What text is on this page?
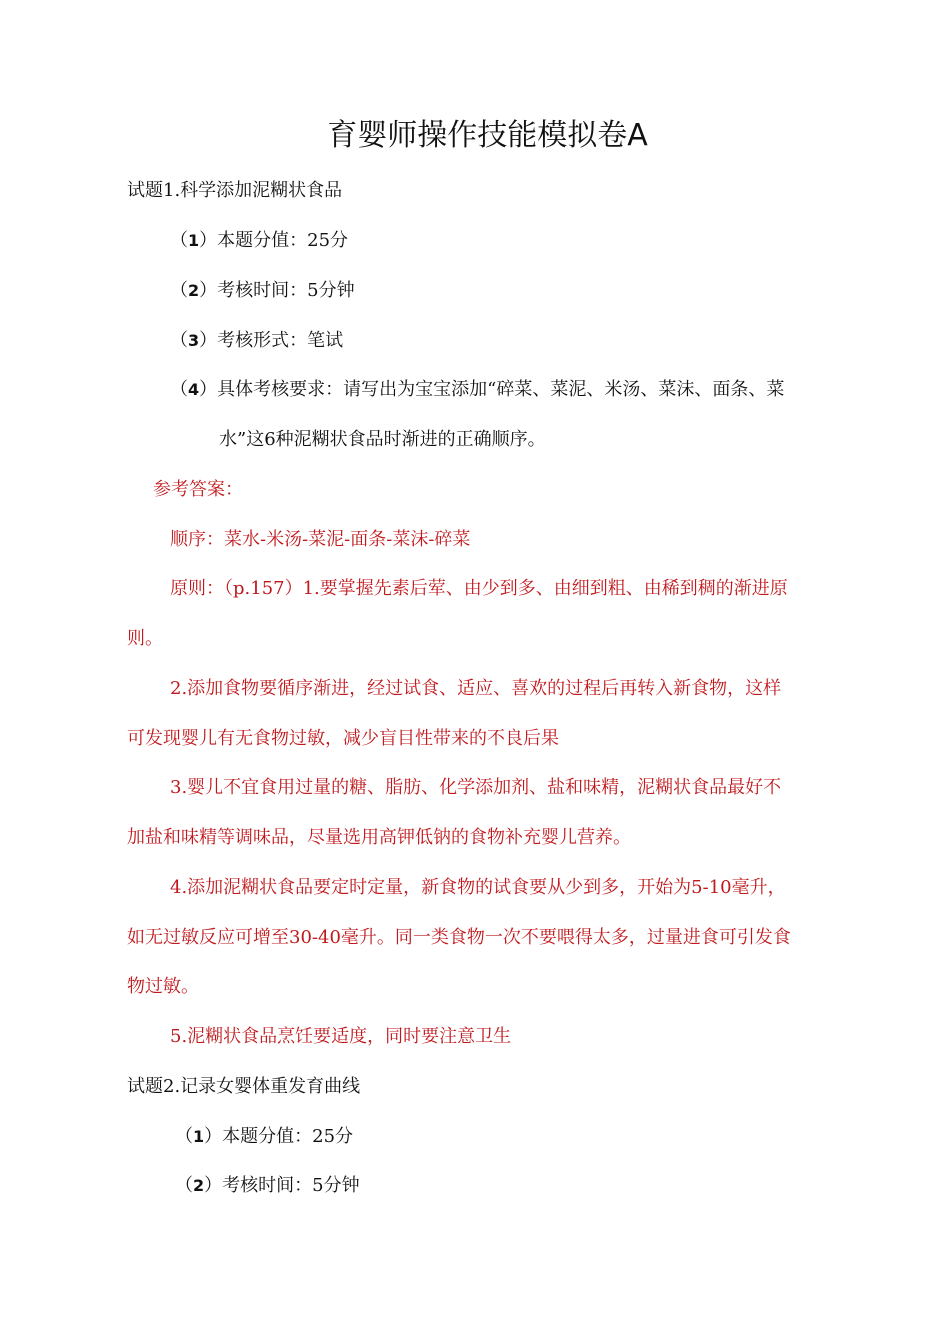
育婴师操作技能模拟卷A
试题1.科学添加泥糊状食品
（1）本题分值：25分
（2）考核时间：5分钟
（3）考核形式：笔试
（4）具体考核要求：请写出为宝宝添加“碎菜、菜泥、米汤、菜沫、面条、菜
水”这6种泥糊状食品时渐进的正确顺序。
参考答案：
顺序：菜水-米汤-菜泥-面条-菜沫-碎菜
原则：（p.157）1.要掌握先素后荤、由少到多、由细到粗、由稀到稠的渐进原
则。
2.添加食物要循序渐进，经过试食、适应、喜欢的过程后再转入新食物，这样
可发现婴儿有无食物过敏，减少盲目性带来的不良后果
3.婴儿不宜食用过量的糖、脂肪、化学添加剂、盐和味精，泥糊状食品最好不
加盐和味精等调味品，尽量选用高钾低钠的食物补充婴儿营养。
4.添加泥糊状食品要定时定量，新食物的试食要从少到多，开始为5-10毫升，
如无过敏反应可增至30-40毫升。同一类食物一次不要喂得太多，过量进食可引发食
物过敏。
5.泥糊状食品烹饪要适度，同时要注意卫生
试题2.记录女婴体重发育曲线
（1）本题分值：25分
（2）考核时间：5分钟
